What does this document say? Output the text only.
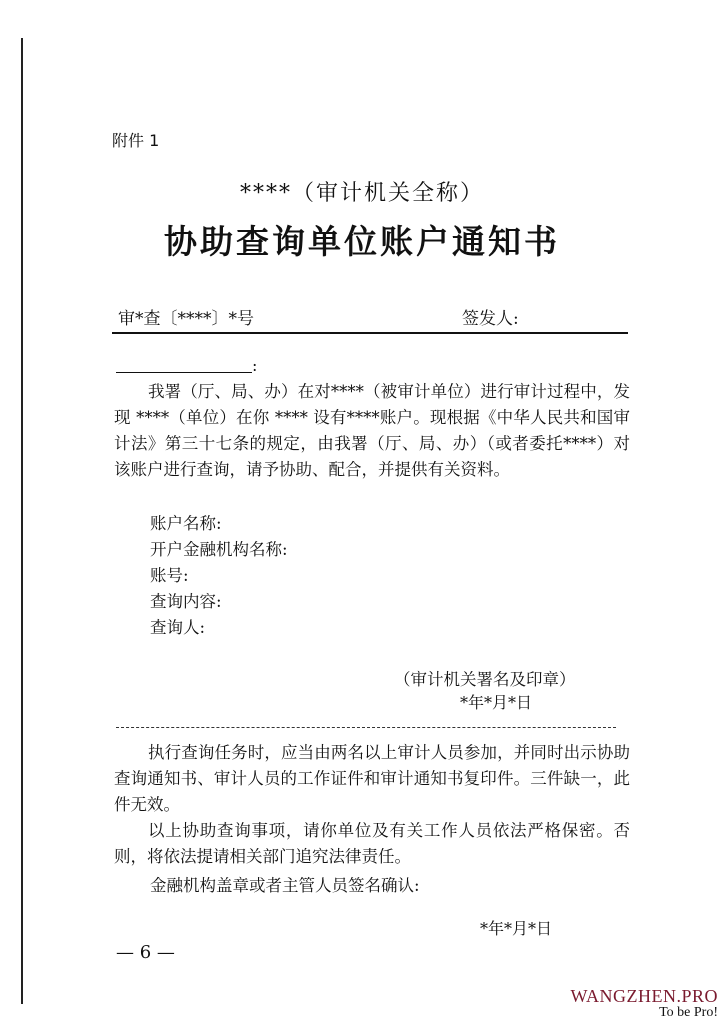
附件 1
****（审计机关全称）
协助查询单位账户通知书
审*查〔****〕*号	签发人:
:
我署（厅、局、办）在对****（被审计单位）进行审计过程中，发现 ****（单位）在你 **** 设有****账户。现根据《中华人民共和国审计法》第三十七条的规定，由我署（厅、局、办）（或者委托****）对该账户进行查询，请予协助、配合，并提供有关资料。
账户名称:
开户金融机构名称:
账号:
查询内容:
查询人:
（审计机关署名及印章）
*年*月*日
执行查询任务时，应当由两名以上审计人员参加，并同时出示协助查询通知书、审计人员的工作证件和审计通知书复印件。三件缺一，此件无效。
以上协助查询事项，请你单位及有关工作人员依法严格保密。否则，将依法提请相关部门追究法律责任。
金融机构盖章或者主管人员签名确认:
*年*月*日
— 6 —
WANGZHEN.PRO
To be Pro!
